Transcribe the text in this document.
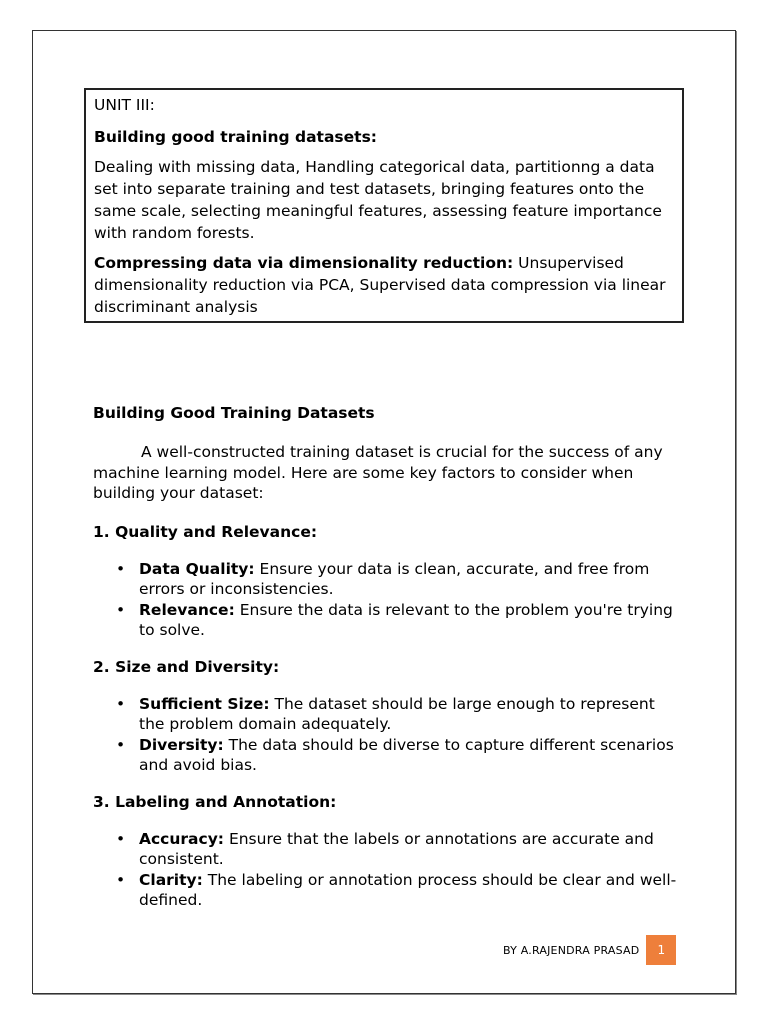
UNIT III:

Building good training datasets:

Dealing with missing data, Handling categorical data, partitionng a data set into separate training and test datasets, bringing features onto the same scale, selecting meaningful features, assessing feature importance with random forests.

Compressing data via dimensionality reduction: Unsupervised dimensionality reduction via PCA, Supervised data compression via linear discriminant analysis

Building Good Training Datasets

A well-constructed training dataset is crucial for the success of any machine learning model. Here are some key factors to consider when building your dataset:

1. Quality and Relevance:
• Data Quality: Ensure your data is clean, accurate, and free from errors or inconsistencies.
• Relevance: Ensure the data is relevant to the problem you're trying to solve.
2. Size and Diversity:
• Sufficient Size: The dataset should be large enough to represent the problem domain adequately.
• Diversity: The data should be diverse to capture different scenarios and avoid bias.
3. Labeling and Annotation:
• Accuracy: Ensure that the labels or annotations are accurate and consistent.
• Clarity: The labeling or annotation process should be clear and well-defined.
BY A.RAJENDRA PRASAD	1
